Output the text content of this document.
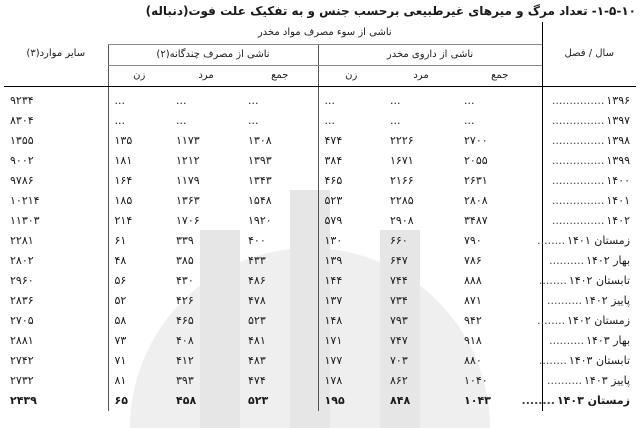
۱-۵-۱۰- تعداد مرگ و میرهای غیرطبیعی برحسب جنس و به تفکیک علت فوت(دنباله)
سال / فصل	ناشی از سوء مصرف مواد مخدر						سایر موارد(۳)
	ناشی از داروی مخدر			ناشی از مصرف چندگانه(۲)			
	جمع	مرد	زن	جمع	مرد	زن	
۱۳۹۶...............	...	...	...	...	...	...	۹۲۳۴
۱۳۹۷...............	...	...	...	...	...	...	۸۳۰۴
۱۳۹۸...............	۲۷۰۰	۲۲۲۶	۴۷۴	۱۳۰۸	۱۱۷۳	۱۳۵	۱۳۵۵
۱۳۹۹...............	۲۰۵۵	۱۶۷۱	۳۸۴	۱۳۹۳	۱۲۱۲	۱۸۱	۹۰۰۲
۱۴۰۰...............	۲۶۳۱	۲۱۶۶	۴۶۵	۱۳۴۳	۱۱۷۹	۱۶۴	۹۷۸۶
۱۴۰۱...............	۲۸۰۸	۲۲۸۵	۵۲۳	۱۵۴۸	۱۳۶۳	۱۸۵	۱۰۲۱۴
۱۴۰۲...............	۳۴۸۷	۲۹۰۸	۵۷۹	۱۹۲۰	۱۷۰۶	۲۱۴	۱۱۳۰۳
زمستان ۱۴۰۱........	۷۹۰	۶۶۰	۱۳۰	۴۰۰	۳۳۹	۶۱	۲۲۸۱
بهار ۱۴۰۲..........	۷۸۶	۶۴۷	۱۳۹	۴۳۳	۳۸۵	۴۸	۲۸۰۲
تابستان ۱۴۰۲........	۸۸۸	۷۴۴	۱۴۴	۴۸۶	۴۳۰	۵۶	۲۹۶۰
پاییز ۱۴۰۲..........	۸۷۱	۷۳۴	۱۳۷	۴۷۸	۴۲۶	۵۲	۲۸۳۶
زمستان ۱۴۰۲........	۹۴۲	۷۹۳	۱۴۸	۵۲۳	۴۶۵	۵۸	۲۷۰۵
بهار ۱۴۰۳..........	۹۱۸	۷۴۷	۱۷۱	۴۸۱	۴۰۸	۷۳	۲۸۸۱
تابستان ۱۴۰۳........	۸۸۰	۷۰۳	۱۷۷	۴۸۳	۴۱۲	۷۱	۲۷۴۲
پاییز ۱۴۰۳..........	۱۰۴۰	۸۶۲	۱۷۸	۴۷۴	۳۹۳	۸۱	۲۷۳۲
زمستان ۱۴۰۳........	۱۰۴۳	۸۴۸	۱۹۵	۵۲۳	۴۵۸	۶۵	۲۴۳۹
